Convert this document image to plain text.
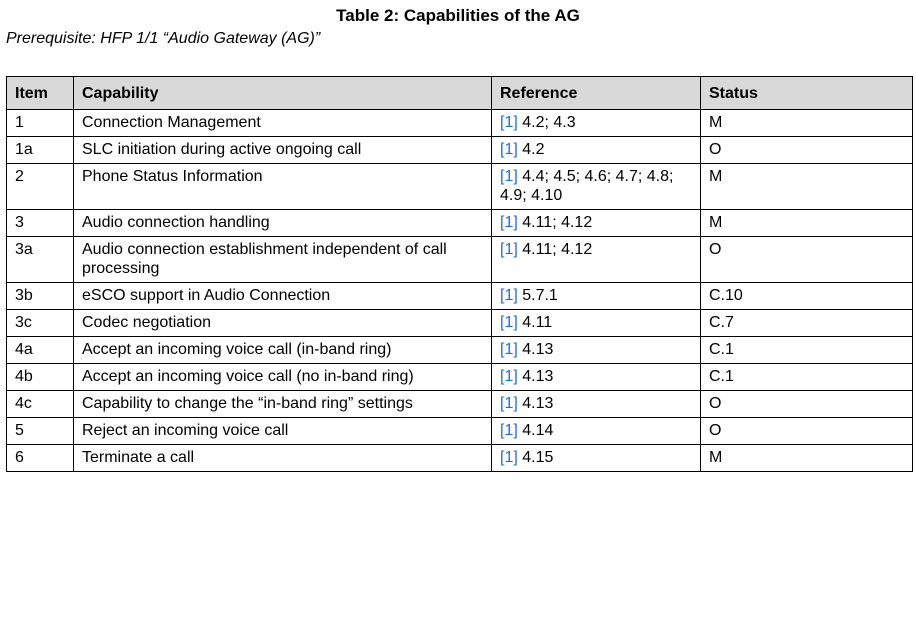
Table 2: Capabilities of the AG
Prerequisite: HFP 1/1 “Audio Gateway (AG)”
Item	Capability	Reference	Status
1	Connection Management	[1] 4.2; 4.3	M
1a	SLC initiation during active ongoing call	[1] 4.2	O
2	Phone Status Information	[1] 4.4; 4.5; 4.6; 4.7; 4.8; 4.9; 4.10	M
3	Audio connection handling	[1] 4.11; 4.12	M
3a	Audio connection establishment independent of call processing	[1] 4.11; 4.12	O
3b	eSCO support in Audio Connection	[1] 5.7.1	C.10
3c	Codec negotiation	[1] 4.11	C.7
4a	Accept an incoming voice call (in-band ring)	[1] 4.13	C.1
4b	Accept an incoming voice call (no in-band ring)	[1] 4.13	C.1
4c	Capability to change the “in-band ring” settings	[1] 4.13	O
5	Reject an incoming voice call	[1] 4.14	O
6	Terminate a call	[1] 4.15	M
